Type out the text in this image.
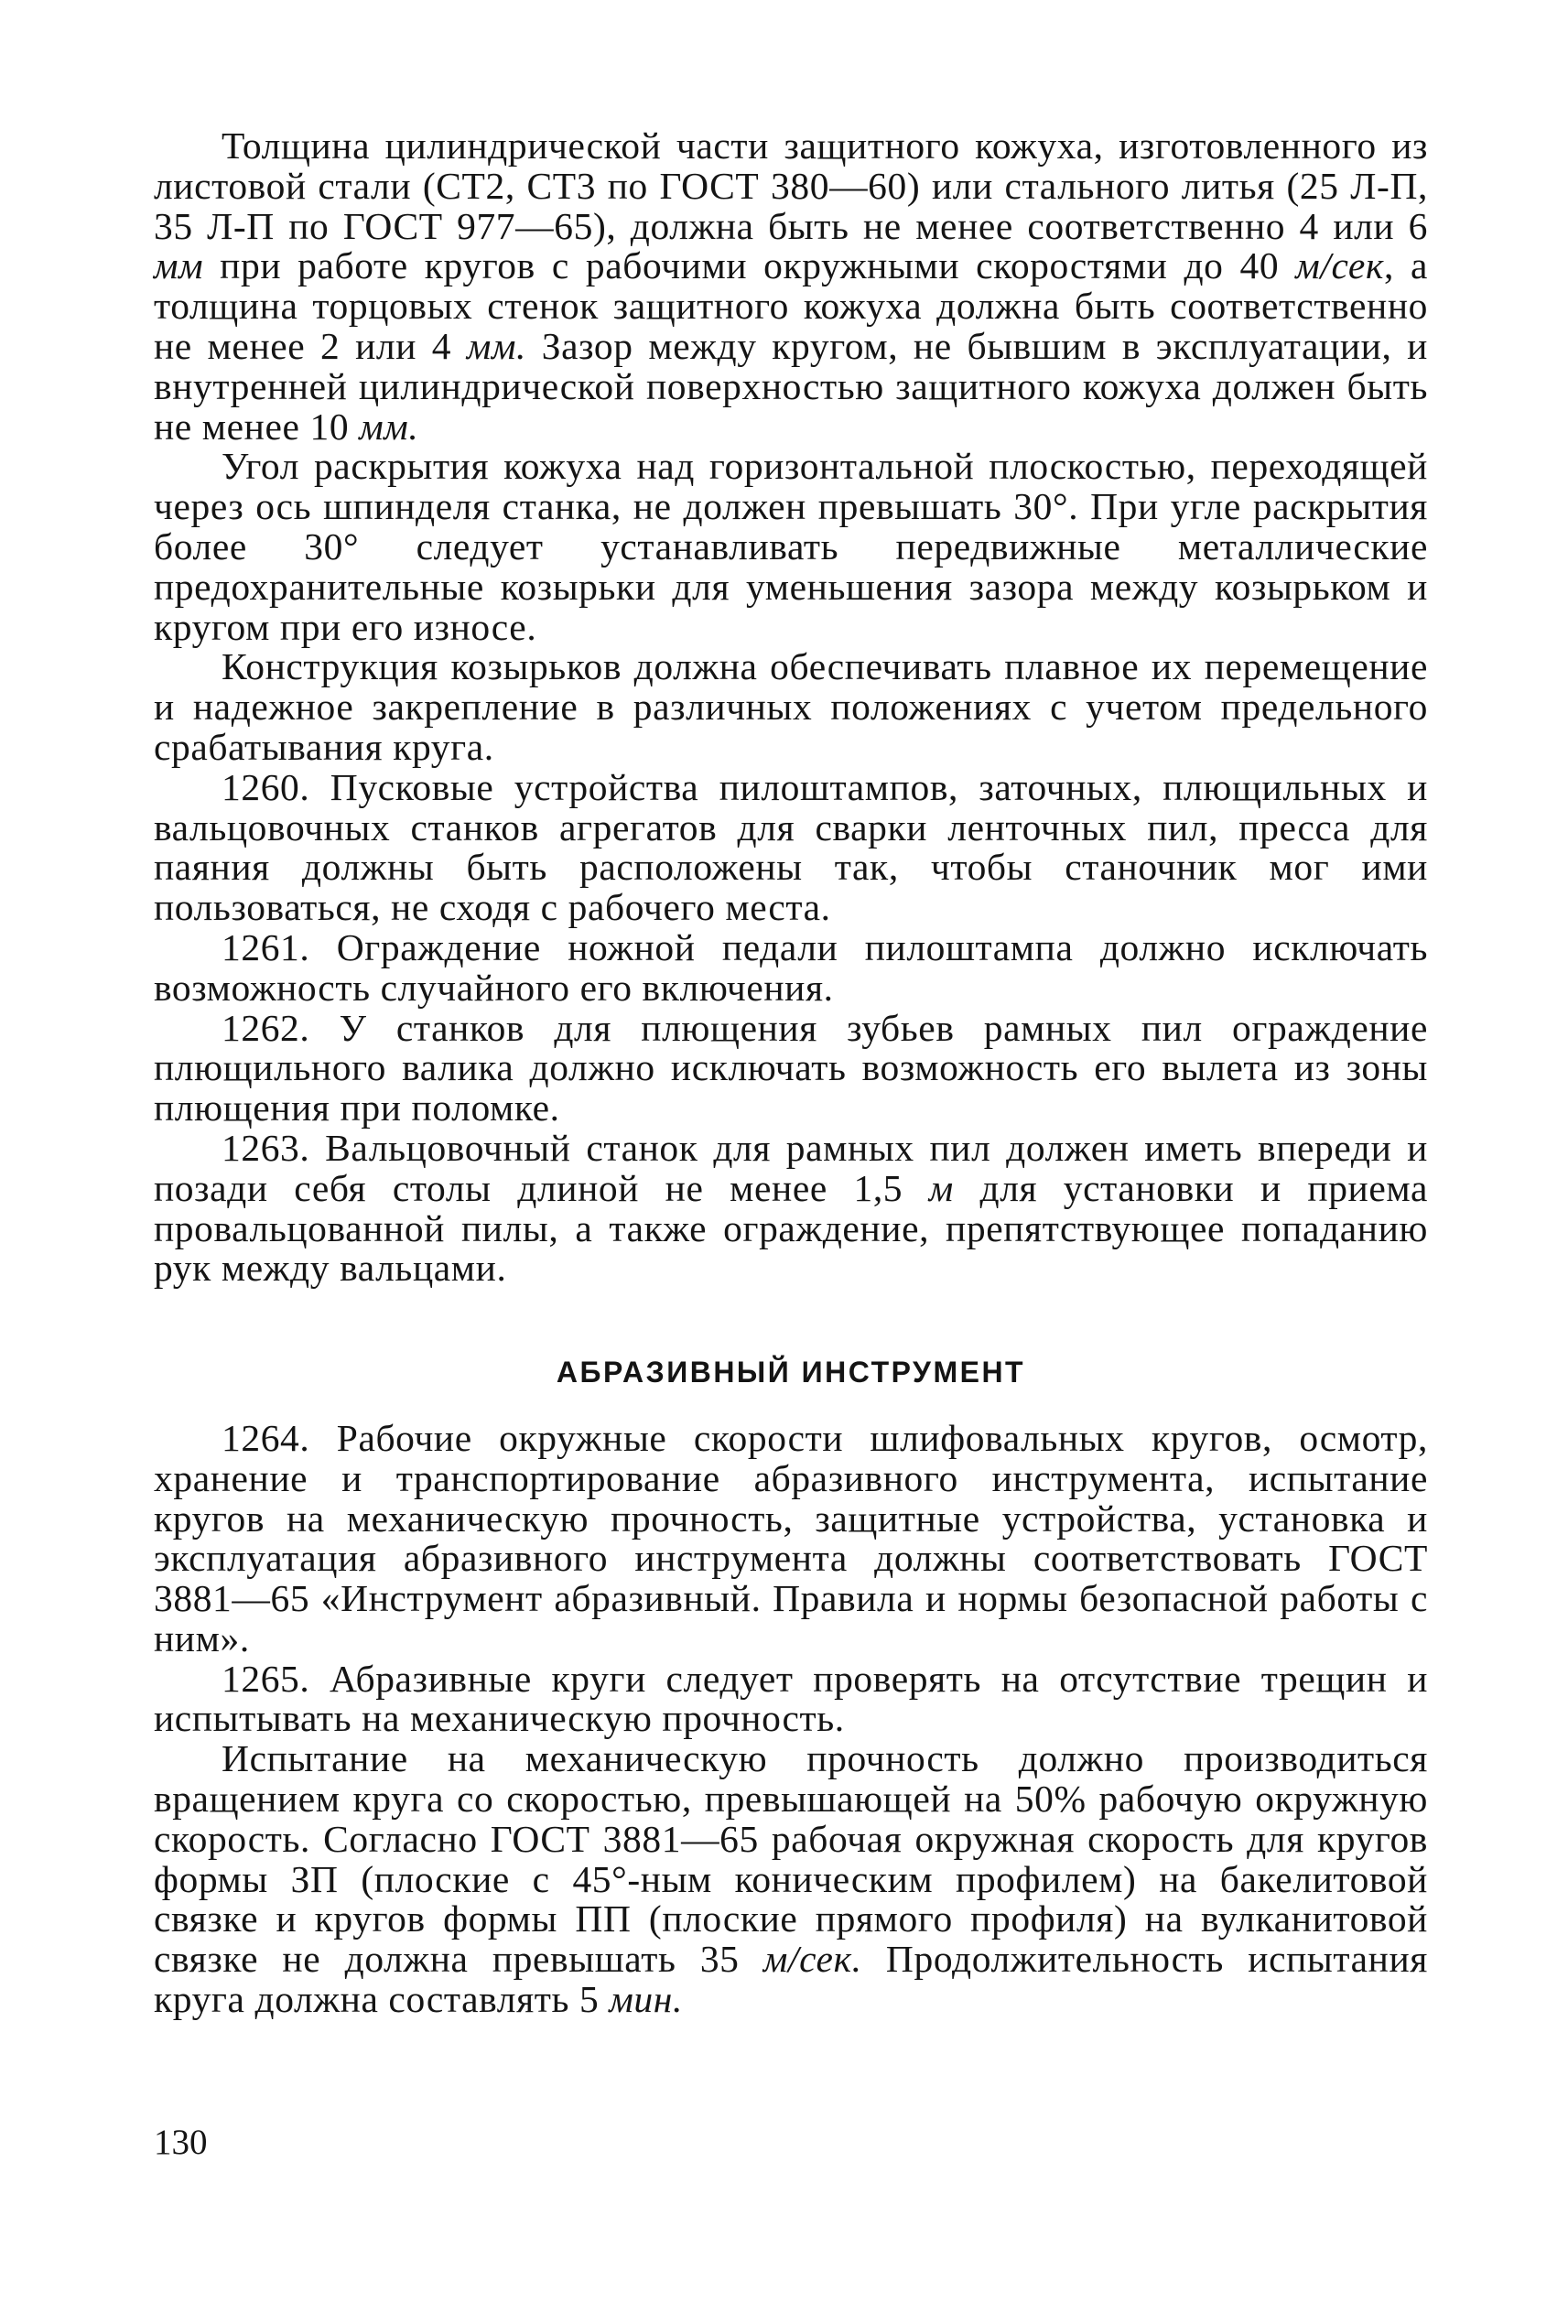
Толщина цилиндрической части защитного кожуха, изготовленного из листовой стали (СТ2, СТ3 по ГОСТ 380—60) или стального литья (25 Л-П, 35 Л-П по ГОСТ 977—65), должна быть не менее соответственно 4 или 6 мм при работе кругов с рабочими окружными скоростями до 40 м/сек, а толщина торцовых стенок защитного кожуха должна быть соответственно не менее 2 или 4 мм. Зазор между кругом, не бывшим в эксплуатации, и внутренней цилиндрической поверхностью защитного кожуха должен быть не менее 10 мм.

Угол раскрытия кожуха над горизонтальной плоскостью, переходящей через ось шпинделя станка, не должен превышать 30°. При угле раскрытия более 30° следует устанавливать передвижные металлические предохранительные козырьки для уменьшения зазора между козырьком и кругом при его износе.

Конструкция козырьков должна обеспечивать плавное их перемещение и надежное закрепление в различных положениях с учетом предельного срабатывания круга.

1260. Пусковые устройства пилоштампов, заточных, плющильных и вальцовочных станков агрегатов для сварки ленточных пил, пресса для паяния должны быть расположены так, чтобы станочник мог ими пользоваться, не сходя с рабочего места.

1261. Ограждение ножной педали пилоштампа должно исключать возможность случайного его включения.

1262. У станков для плющения зубьев рамных пил ограждение плющильного валика должно исключать возможность его вылета из зоны плющения при поломке.

1263. Вальцовочный станок для рамных пил должен иметь впереди и позади себя столы длиной не менее 1,5 м для установки и приема провальцованной пилы, а также ограждение, препятствующее попаданию рук между вальцами.

АБРАЗИВНЫЙ ИНСТРУМЕНТ

1264. Рабочие окружные скорости шлифовальных кругов, осмотр, хранение и транспортирование абразивного инструмента, испытание кругов на механическую прочность, защитные устройства, установка и эксплуатация абразивного инструмента должны соответствовать ГОСТ 3881—65 «Инструмент абразивный. Правила и нормы безопасной работы с ним».

1265. Абразивные круги следует проверять на отсутствие трещин и испытывать на механическую прочность.

Испытание на механическую прочность должно производиться вращением круга со скоростью, превышающей на 50% рабочую окружную скорость. Согласно ГОСТ 3881—65 рабочая окружная скорость для кругов формы ЗП (плоские с 45°-ным коническим профилем) на бакелитовой связке и кругов формы ПП (плоские прямого профиля) на вулканитовой связке не должна превышать 35 м/сек. Продолжительность испытания круга должна составлять 5 мин.

130
